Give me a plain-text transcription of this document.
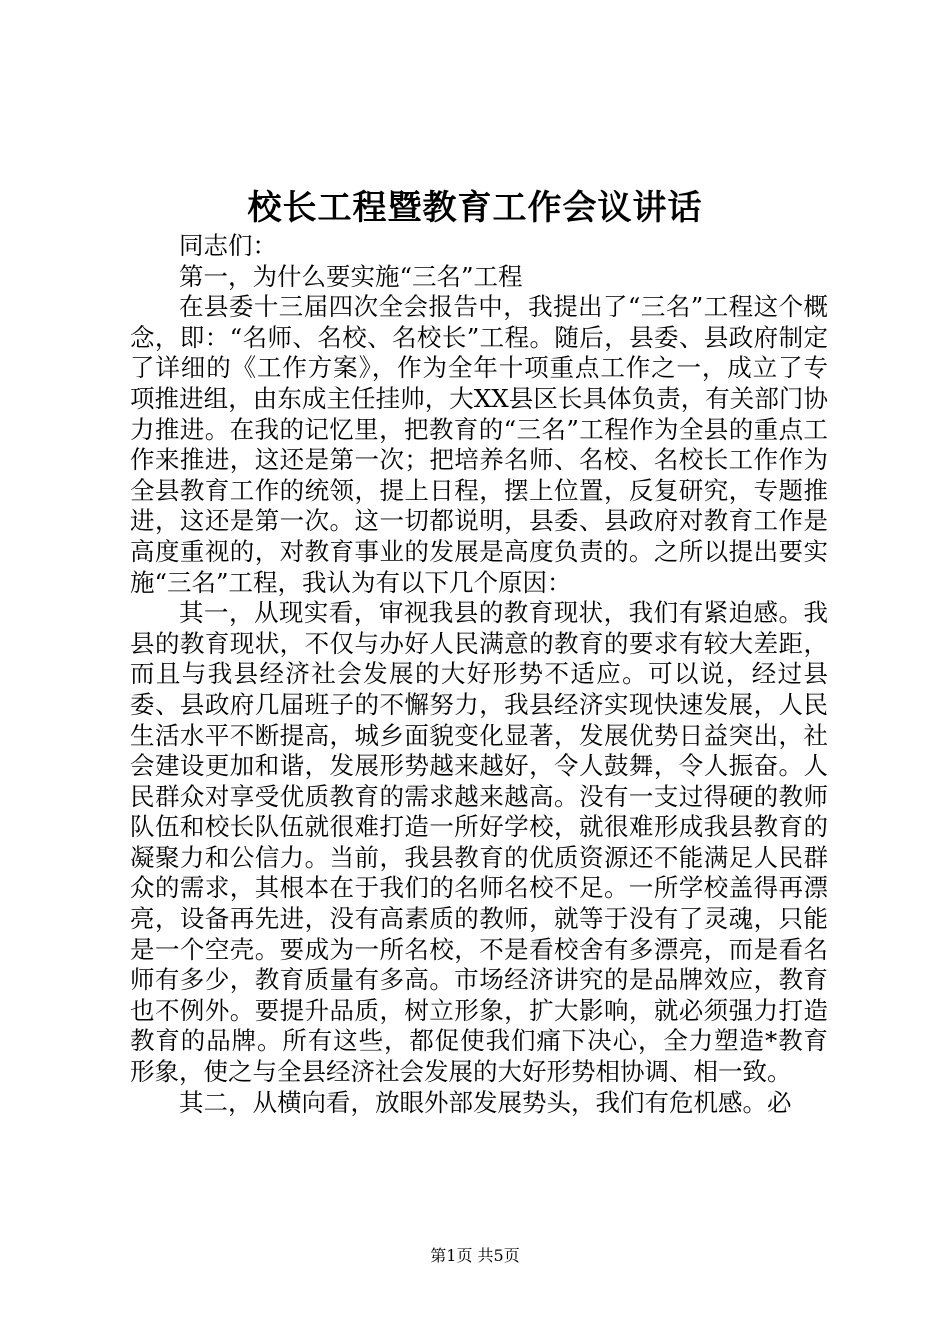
校长工程暨教育工作会议讲话

同志们：

第一，为什么要实施“三名”工程

在县委十三届四次全会报告中，我提出了“三名”工程这个概念，即：“名师、名校、名校长”工程。随后，县委、县政府制定了详细的《工作方案》，作为全年十项重点工作之一，成立了专项推进组，由东成主任挂帅，大XX县区长具体负责，有关部门协力推进。在我的记忆里，把教育的“三名”工程作为全县的重点工作来推进，这还是第一次；把培养名师、名校、名校长工作作为全县教育工作的统领，提上日程，摆上位置，反复研究，专题推进，这还是第一次。这一切都说明，县委、县政府对教育工作是高度重视的，对教育事业的发展是高度负责的。之所以提出要实施“三名”工程，我认为有以下几个原因：

其一，从现实看，审视我县的教育现状，我们有紧迫感。我县的教育现状，不仅与办好人民满意的教育的要求有较大差距，而且与我县经济社会发展的大好形势不适应。可以说，经过县委、县政府几届班子的不懈努力，我县经济实现快速发展，人民生活水平不断提高，城乡面貌变化显著，发展优势日益突出，社会建设更加和谐，发展形势越来越好，令人鼓舞，令人振奋。人民群众对享受优质教育的需求越来越高。没有一支过得硬的教师队伍和校长队伍就很难打造一所好学校，就很难形成我县教育的凝聚力和公信力。当前，我县教育的优质资源还不能满足人民群众的需求，其根本在于我们的名师名校不足。一所学校盖得再漂亮，设备再先进，没有高素质的教师，就等于没有了灵魂，只能是一个空壳。要成为一所名校，不是看校舍有多漂亮，而是看名师有多少，教育质量有多高。市场经济讲究的是品牌效应，教育也不例外。要提升品质，树立形象，扩大影响，就必须强力打造教育的品牌。所有这些，都促使我们痛下决心，全力塑造*教育形象，使之与全县经济社会发展的大好形势相协调、相一致。

其二，从横向看，放眼外部发展势头，我们有危机感。必

第1页 共5页
